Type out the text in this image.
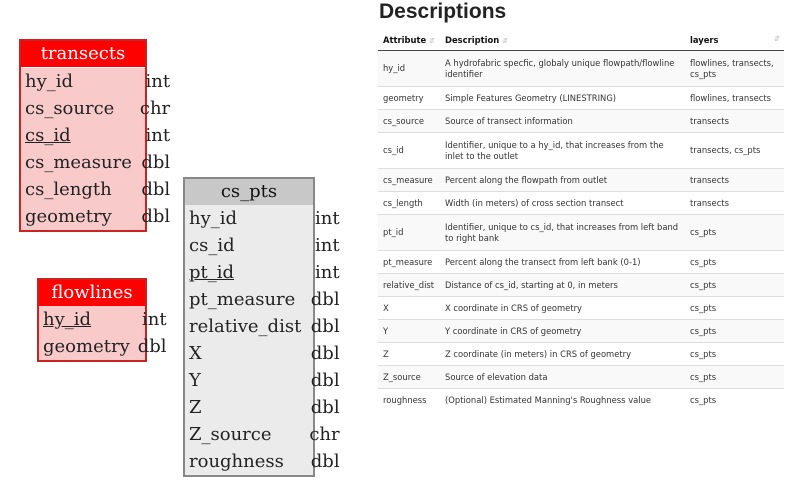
transects
hy_id	int
cs_source	chr
cs_id	int
cs_measure	dbl
cs_length	dbl
geometry	dbl
flowlines
hy_id	int
geometry	dbl
cs_pts
hy_id	int
cs_id	int
pt_id	int
pt_measure	dbl
relative_dist	dbl
X	dbl
Y	dbl
Z	dbl
Z_source	chr
roughness	dbl
Descriptions
Attribute ⇵	Description ⇵	layers ⇵

hy_id	A hydrofabric specfic, globaly unique flowpath/flowline identifier	flowlines, transects, cs_pts
geometry	Simple Features Geometry (LINESTRING)	flowlines, transects
cs_source	Source of transect information	transects
cs_id	Identifier, unique to a hy_id, that increases from the inlet to the outlet	transects, cs_pts
cs_measure	Percent along the flowpath from outlet	transects
cs_length	Width (in meters) of cross section transect	transects
pt_id	Identifier, unique to cs_id, that increases from left band to right bank	cs_pts
pt_measure	Percent along the transect from left bank (0-1)	cs_pts
relative_dist	Distance of cs_id, starting at 0, in meters	cs_pts
X	X coordinate in CRS of geometry	cs_pts
Y	Y coordinate in CRS of geometry	cs_pts
Z	Z coordinate (in meters) in CRS of geometry	cs_pts
Z_source	Source of elevation data	cs_pts
roughness	(Optional) Estimated Manning's Roughness value	cs_pts
